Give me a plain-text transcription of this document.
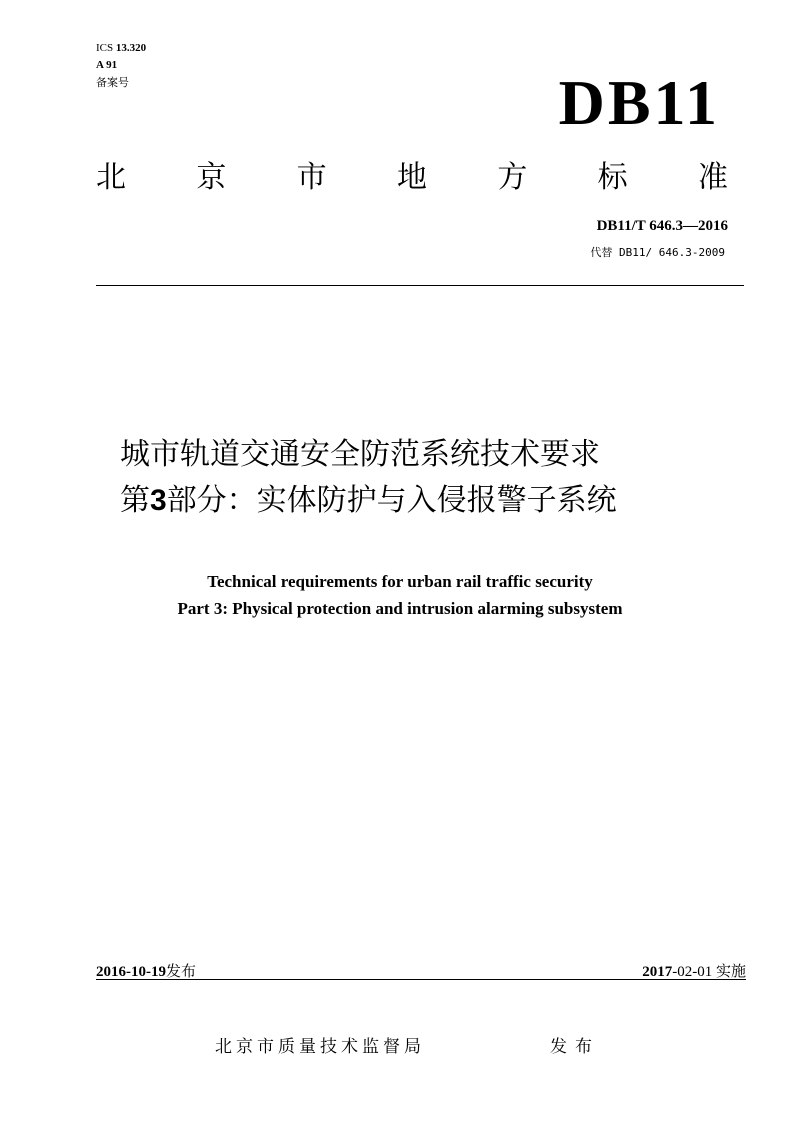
ICS 13.320
A 91
备案号	DB11
北 京 市 地 方 标 准
DB11/T 646.3—2016
代替 DB11/ 646.3-2009
城市轨道交通安全防范系统技术要求
第3部分：实体防护与入侵报警子系统
Technical requirements for urban rail traffic security
Part 3: Physical protection and intrusion alarming subsystem
2016-10-19发布	2017-02-01 实施
北京市质量技术监督局	发布
